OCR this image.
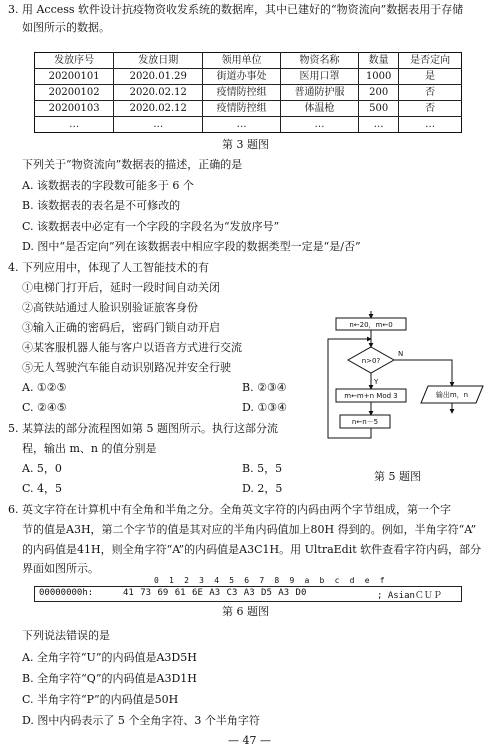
3. 用 Access 软件设计抗疫物资收发系统的数据库，其中已建好的“物资流向”数据表用于存储
如图所示的数据。
发放序号	发放日期	领用单位	物资名称	数量	是否定向
20200101	2020.01.29	街道办事处	医用口罩	1000	是
20200102	2020.02.12	疫情防控组	普通防护服	200	否
20200103	2020.02.12	疫情防控组	体温枪	500	否
…	…	…	…	…	…
第 3 题图
下列关于“物资流向”数据表的描述，正确的是
A. 该数据表的字段数可能多于 6 个
B. 该数据表的表名是不可修改的
C. 该数据表中必定有一个字段的字段名为“发放序号”
D. 图中“是否定向”列在该数据表中相应字段的数据类型一定是“是/否”
4. 下列应用中，体现了人工智能技术的有
①电梯门打开后，延时一段时间自动关闭
②高铁站通过人脸识别验证旅客身份
③输入正确的密码后，密码门锁自动开启
④某客服机器人能与客户以语音方式进行交流
⑤无人驾驶汽车能自动识别路况并安全行驶
A. ①②⑤	B. ②③④
C. ②④⑤	D. ①③④
5. 某算法的部分流程图如第 5 题图所示。执行这部分流
程，输出 m、n 的值分别是
A. 5，0	B. 5，5
C. 4，5	D. 2，5
n←20，m←0
n>0?
Y
N
m←m+n Mod 3
n←n－5
输出m，n
第 5 题图
6. 英文字符在计算机中有全角和半角之分。全角英文字符的内码由两个字节组成，第一个字
节的值是A3H，第二个字节的值是其对应的半角内码值加上80H 得到的。例如，半角字符“A”
的内码值是41H，则全角字符“A”的内码值是A3C1H。用 UltraEdit 软件查看字符内码，部分
界面如图所示。
0  1  2  3  4  5  6  7  8  9  a  b  c  d  e  f
00000000h:	41 73 69 61 6E A3 C3 A3 D5 A3 D0	; AsianＣＵＰ
第 6 题图
下列说法错误的是
A. 全角字符“U”的内码值是A3D5H
B. 全角字符“Q”的内码值是A3D1H
C. 半角字符“P”的内码值是50H
D. 图中内码表示了 5 个全角字符、3 个半角字符
— 47 —
